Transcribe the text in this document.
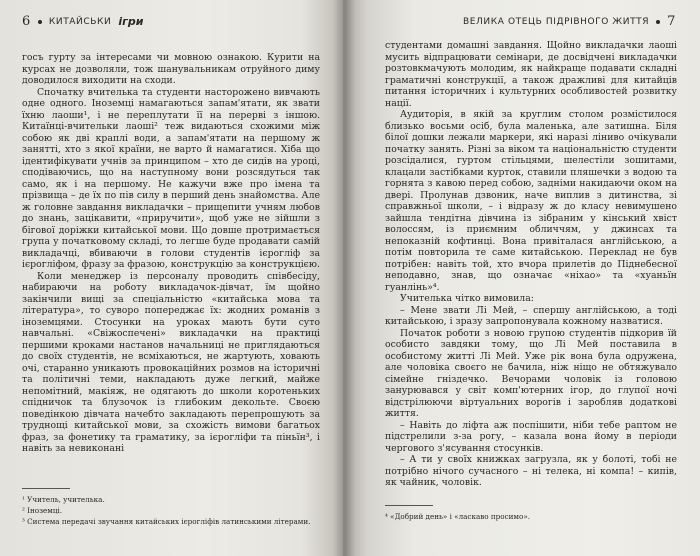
6 КИТАЙСЬКИ ігри

госъ гурту за інтересами чи мовною ознакою. Курити на курсах не дозволяли, тож шанувальникам отруйного диму доводилося виходити на сходи.

Спочатку вчителька та студенти насторожено вивчають одне одного. Іноземці намагаються запам'ятати, як звати їхню лаоши¹, і не переплутати її на перерві з іншою. Китаїнці-вчительки лаоші² теж видаються схожими між собою як дві краплі води, а запам'ятати на першому ж занятті, хто з якої країни, не варто й намагатися. Хіба що ідентифікувати учнів за принципом – хто де сидів на уроці, сподіваючись, що на наступному вони розсядуться так само, як і на першому. Не кажучи вже про імена та прізвища – де їх по пів силу в перший день знайомства. Але ж головне завдання викладачки – прищепити учням любов до знань, зацікавити, «приручити», щоб уже не зійшли з бігової доріжки китайської мови. Що довше протримається група у початковому складі, то легше буде продавати самій викладачці, вбиваючи в голови студентів ієрогліф за ієрогліфом, фразу за фразою, конструкцію за конструкцією.

Коли менеджер із персоналу проводить співбесіду, набираючи на роботу викладачок-дівчат, їм щойно закінчили вищі за спеціальністю «китайська мова та література», то суворо попереджає їх: жодних романів з іноземцями. Стосунки на уроках мають бути суто навчальні. «Свіжоспечені» викладачки на практиці першими кроками настанов начальниці не приглядаються до своїх студентів, не всміхаються, не жартують, ховають очі, старанно уникають провокаційних розмов на історичні та політичні теми, накладають дуже легкий, майже непомітний, макіяж, не одягають до школи коротеньких спідничок та блузочок із глибоким декольте. Своєю поведінкою дівчата начебто закладають перепрошують за труднощі китайської мови, за схожість вимови багатьох фраз, за фонетику та граматику, за ієрогліфи та піньїн³, і навіть за невиконані

¹ Учитель, учителька.
² Іноземці.
³ Система передачі звучання китайських ієрогліфів латинськими літерами.
ВЕЛИКА ОТЕЦЬ ПІДРІВНОГО ЖИТТЯ 7

студентами домашні завдання. Щойно викладачки лаоші мусить відпрацювати семінари, де досвідчені викладачки розтовкмачують молодим, як найкраще подавати складні граматичні конструкції, а також дражливі для китайців питання історичних і культурних особливостей розвитку нації.

Аудиторія, в якій за круглим столом розмістилося близько восьми осіб, була маленька, але затишна. Біля білої дошки лежали маркери, які наразі ліниво очікували початку занять. Різні за віком та національністю студенти розсідалися, гуртом стільцями, шелестіли зошитами, клацали застібками курток, ставили пляшечки з водою та горнята з кавою перед собою, задніми накидаючи оком на двері. Пролунав дзвоник, наче виплив з дитинства, зі справжньої школи, – і відразу ж до класу невимушено зайшла тендітна дівчина із зібраним у кінський хвіст волоссям, із приємним обличчям, у джинсах та непоказній кофтинці. Вона привіталася англійською, а потім повторила те саме китайською. Переклад не був потрібен: навіть той, хто вчора прилетів до Піднебесної неподавно, знав, що означає «ніхао» та «хуаньїн гуанлінь»⁴.

Учителька чітко вимовила:

– Мене звати Лі Мей, – спершу англійською, а тоді китайською, і зразу запропонувала кожному назватися.

Початок роботи з новою групою студентів підкорив їй особисто завдяки тому, що Лі Мей поставила в особистому житті Лі Мей. Уже рік вона була одружена, але чоловіка своєго не бачила, ніж ніщо не обтяжувало сімейне гніздечко. Вечорами чоловік із головою занурювався у світ комп'ютерних ігор, до глупої ночі відстрілюючи віртуальних ворогів і заробляв додаткові життя.

– Навіть до ліфта аж поспішити, ніби тебе раптом не підстрелили з-за рогу, – казала вона йому в періоди чергового з'ясування стосунків.

– А ти у своїх книжках загрузла, як у болоті, тобі не потрібно нічого сучасного – ні телека, ні компа! – кипів, як чайник, чоловік.

⁴ «Добрий день» і «ласкаво просимо».
